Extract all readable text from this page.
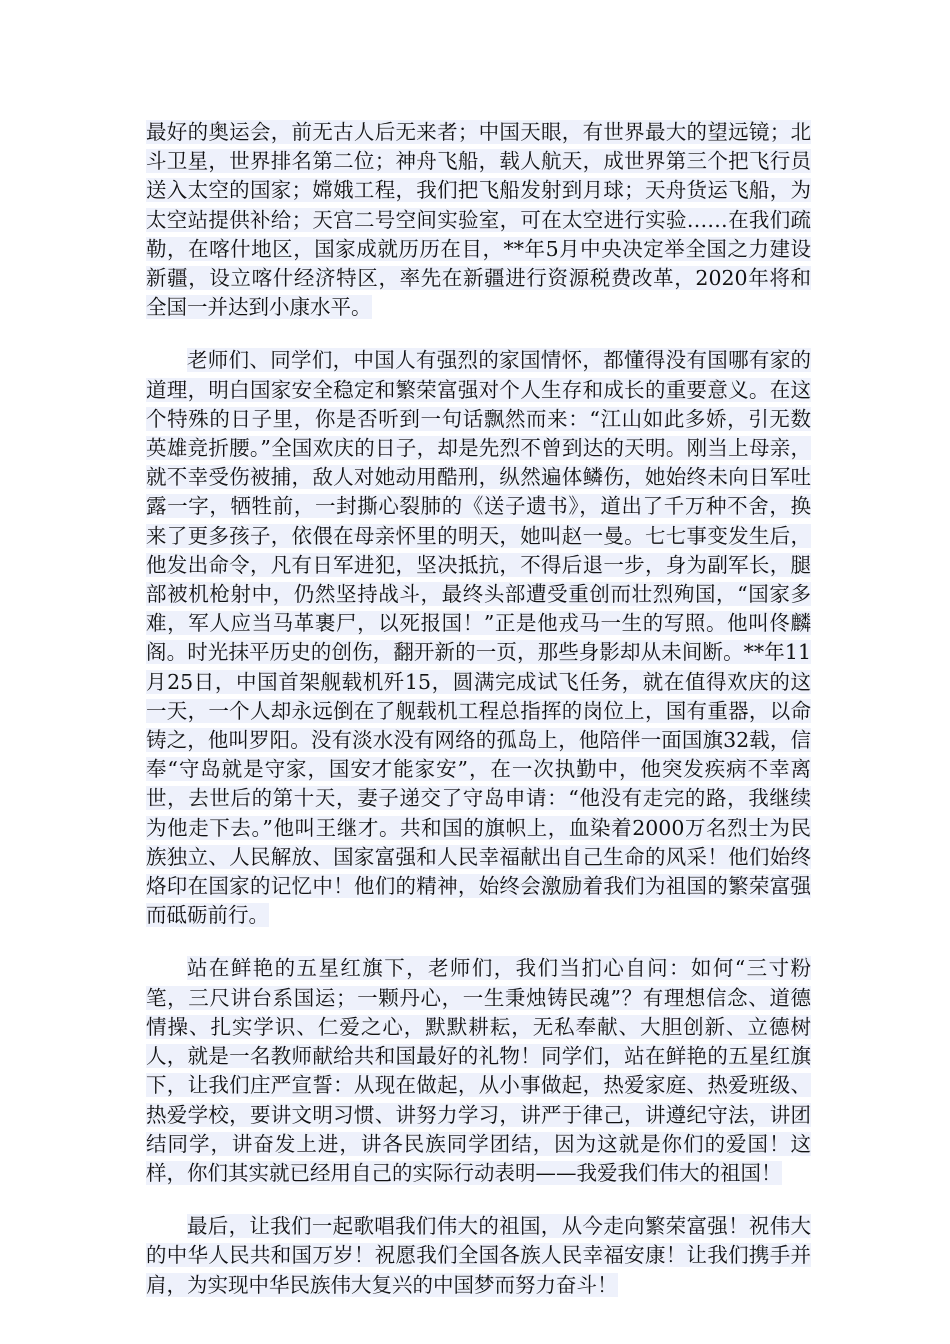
最好的奥运会，前无古人后无来者；中国天眼，有世界最大的望远镜；北斗卫星，世界排名第二位；神舟飞船，载人航天，成世界第三个把飞行员送入太空的国家；嫦娥工程，我们把飞船发射到月球；天舟货运飞船，为太空站提供补给；天宫二号空间实验室，可在太空进行实验……在我们疏勒，在喀什地区，国家成就历历在目，**年5月中央决定举全国之力建设新疆，设立喀什经济特区，率先在新疆进行资源税费改革，2020年将和全国一并达到小康水平。

老师们、同学们，中国人有强烈的家国情怀，都懂得没有国哪有家的道理，明白国家安全稳定和繁荣富强对个人生存和成长的重要意义。在这个特殊的日子里，你是否听到一句话飘然而来：“江山如此多娇，引无数英雄竞折腰。”全国欢庆的日子，却是先烈不曾到达的天明。刚当上母亲，就不幸受伤被捕，敌人对她动用酷刑，纵然遍体鳞伤，她始终未向日军吐露一字，牺牲前，一封撕心裂肺的《送子遗书》，道出了千万种不舍，换来了更多孩子，依偎在母亲怀里的明天，她叫赵一曼。七七事变发生后，他发出命令，凡有日军进犯，坚决抵抗，不得后退一步，身为副军长，腿部被机枪射中，仍然坚持战斗，最终头部遭受重创而壮烈殉国，“国家多难，军人应当马革裹尸，以死报国！”正是他戎马一生的写照。他叫佟麟阁。时光抹平历史的创伤，翻开新的一页，那些身影却从未间断。**年11月25日，中国首架舰载机歼15，圆满完成试飞任务，就在值得欢庆的这一天，一个人却永远倒在了舰载机工程总指挥的岗位上，国有重器，以命铸之，他叫罗阳。没有淡水没有网络的孤岛上，他陪伴一面国旗32载，信奉“守岛就是守家，国安才能家安”，在一次执勤中，他突发疾病不幸离世，去世后的第十天，妻子递交了守岛申请：“他没有走完的路，我继续为他走下去。”他叫王继才。共和国的旗帜上，血染着2000万名烈士为民族独立、人民解放、国家富强和人民幸福献出自己生命的风采！他们始终烙印在国家的记忆中！他们的精神，始终会激励着我们为祖国的繁荣富强而砥砺前行。

站在鲜艳的五星红旗下，老师们，我们当扪心自问：如何“三寸粉笔，三尺讲台系国运；一颗丹心，一生秉烛铸民魂”？有理想信念、道德情操、扎实学识、仁爱之心，默默耕耘，无私奉献、大胆创新、立德树人，就是一名教师献给共和国最好的礼物！同学们，站在鲜艳的五星红旗下，让我们庄严宣誓：从现在做起，从小事做起，热爱家庭、热爱班级、热爱学校，要讲文明习惯、讲努力学习，讲严于律己，讲遵纪守法，讲团结同学，讲奋发上进，讲各民族同学团结，因为这就是你们的爱国！这样，你们其实就已经用自己的实际行动表明——我爱我们伟大的祖国！

最后，让我们一起歌唱我们伟大的祖国，从今走向繁荣富强！祝伟大的中华人民共和国万岁！祝愿我们全国各族人民幸福安康！让我们携手并肩，为实现中华民族伟大复兴的中国梦而努力奋斗！
